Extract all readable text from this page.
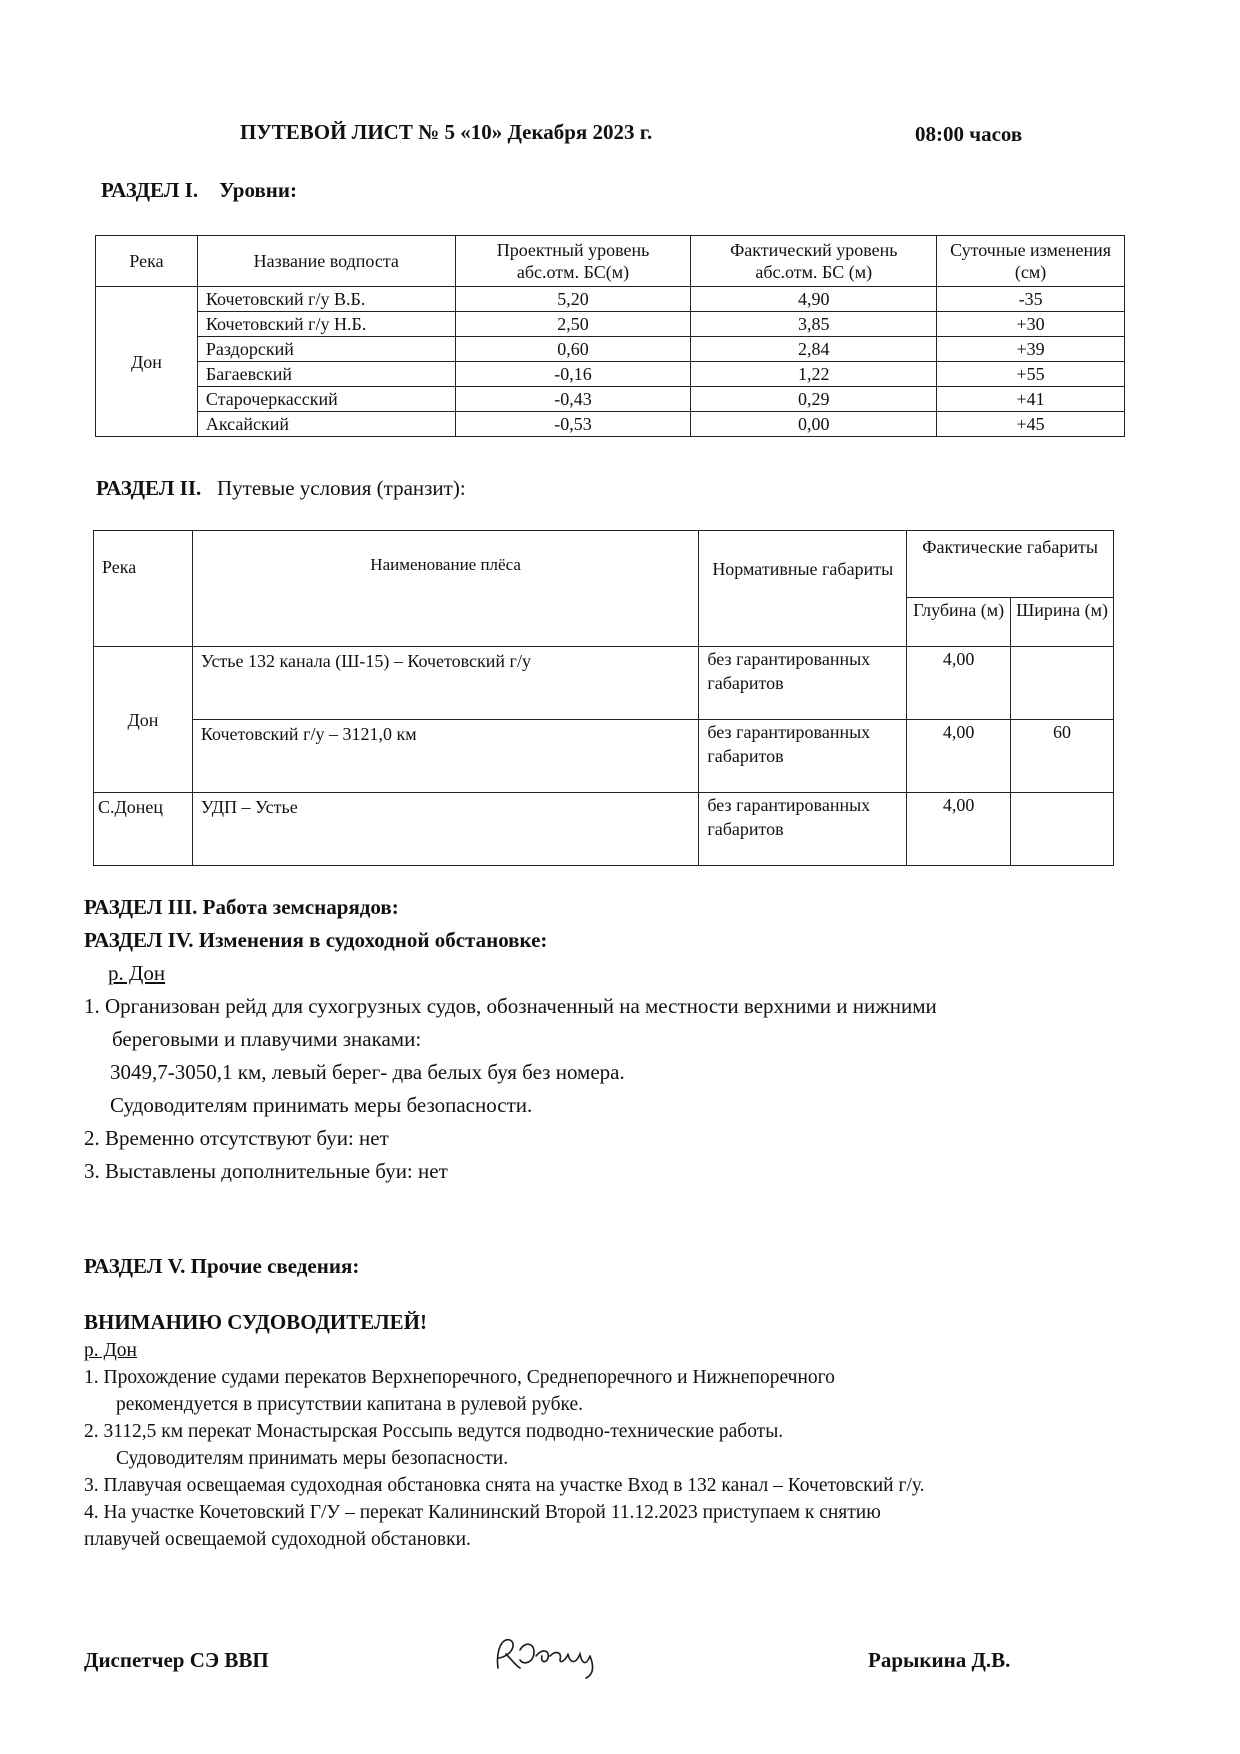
ПУТЕВОЙ ЛИСТ № 5 «10» Декабря 2023 г.	08:00 часов
РАЗДЕЛ I. Уровни:
Река	Название водпоста	Проектный уровень абс.отм. БС(м)	Фактический уровень абс.отм. БС (м)	Суточные изменения (см)
Дон	Кочетовский г/у В.Б.	5,20	4,90	-35
	Кочетовский г/у Н.Б.	2,50	3,85	+30
	Раздорский	0,60	2,84	+39
	Багаевский	-0,16	1,22	+55
	Старочеркасский	-0,43	0,29	+41
	Аксайский	-0,53	0,00	+45
РАЗДЕЛ II. Путевые условия (транзит):
Река	Наименование плёса	Нормативные габариты	Фактические габариты	
			Глубина (м)	Ширина (м)
Дон	Устье 132 канала (Ш-15) – Кочетовский г/у	без гарантированных габаритов	4,00	
	Кочетовский г/у – 3121,0 км	без гарантированных габаритов	4,00	60
С.Донец	УДП – Устье	без гарантированных габаритов	4,00	
РАЗДЕЛ III. Работа земснарядов:
РАЗДЕЛ IV. Изменения в судоходной обстановке:
р. Дон
1. Организован рейд для сухогрузных судов, обозначенный на местности верхними и нижними
береговыми и плавучими знаками:
3049,7-3050,1 км, левый берег- два белых буя без номера.
Судоводителям принимать меры безопасности.
2. Временно отсутствуют буи: нет
3. Выставлены дополнительные буи: нет
РАЗДЕЛ V. Прочие сведения:
ВНИМАНИЮ СУДОВОДИТЕЛЕЙ!
р. Дон
1. Прохождение судами перекатов Верхнепоречного, Среднепоречного и Нижнепоречного
рекомендуется в присутствии капитана в рулевой рубке.
2. 3112,5 км перекат Монастырская Россыпь ведутся подводно-технические работы.
Судоводителям принимать меры безопасности.
3. Плавучая освещаемая судоходная обстановка снята на участке Вход в 132 канал – Кочетовский г/у.
4. На участке Кочетовский Г/У – перекат Калининский Второй 11.12.2023 приступаем к снятию
плавучей освещаемой судоходной обстановки.
Диспетчер СЭ ВВП	Рарыкина Д.В.
